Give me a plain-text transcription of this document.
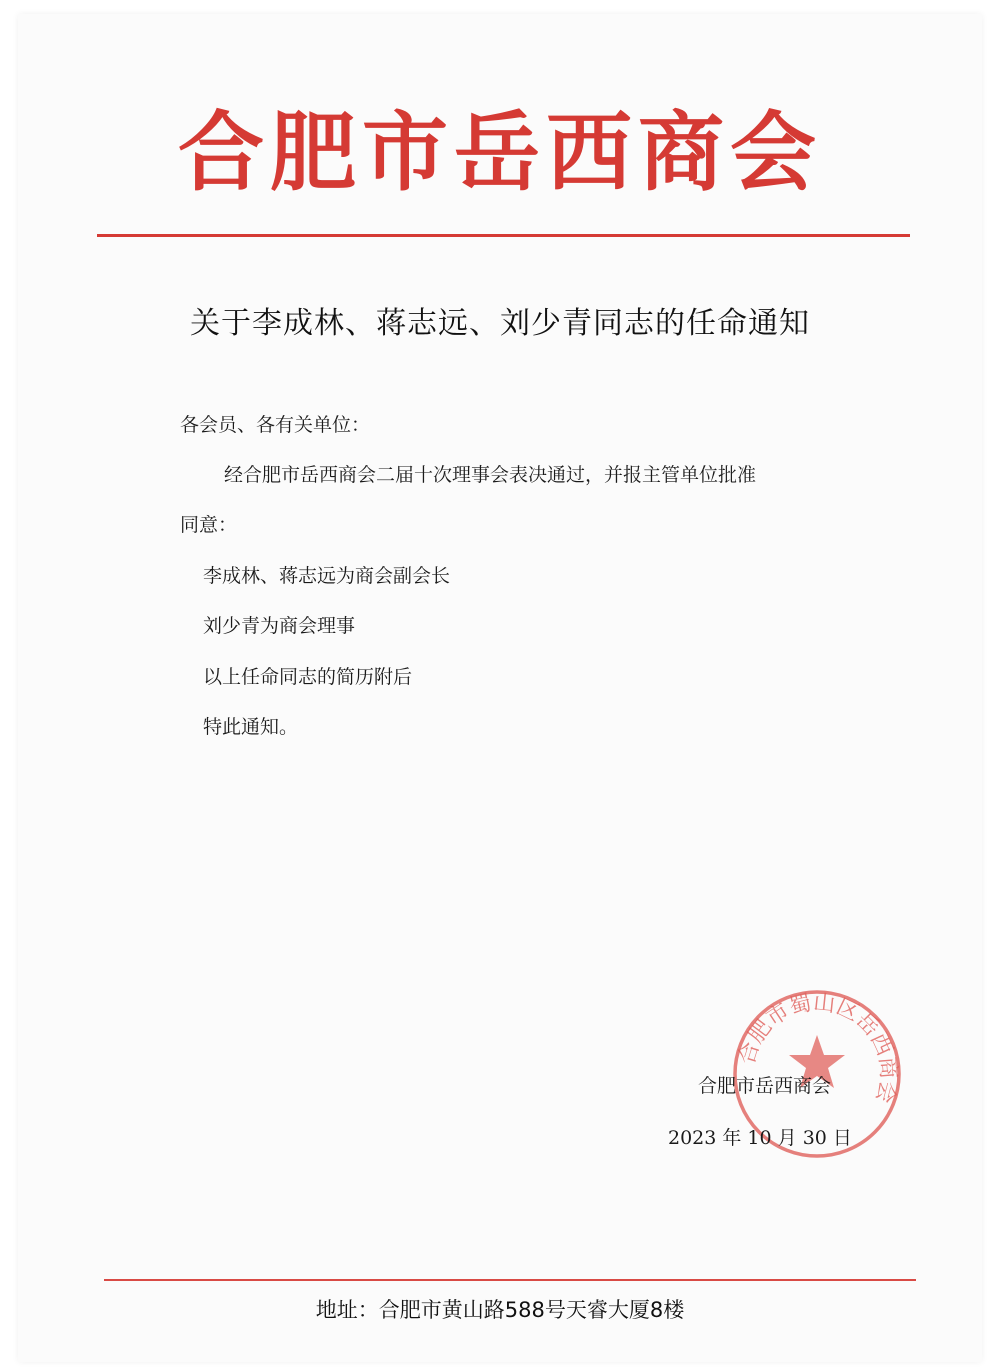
合肥市岳西商会
关于李成林、蒋志远、刘少青同志的任命通知
各会员、各有关单位：
经合肥市岳西商会二届十次理事会表决通过，并报主管单位批准
同意：
李成林、蒋志远为商会副会长
刘少青为商会理事
以上任命同志的简历附后
特此通知。
合肥市蜀山区岳西商会
合肥市岳西商会
2023 年 10 月 30 日
地址：合肥市黄山路588号天睿大厦8楼
